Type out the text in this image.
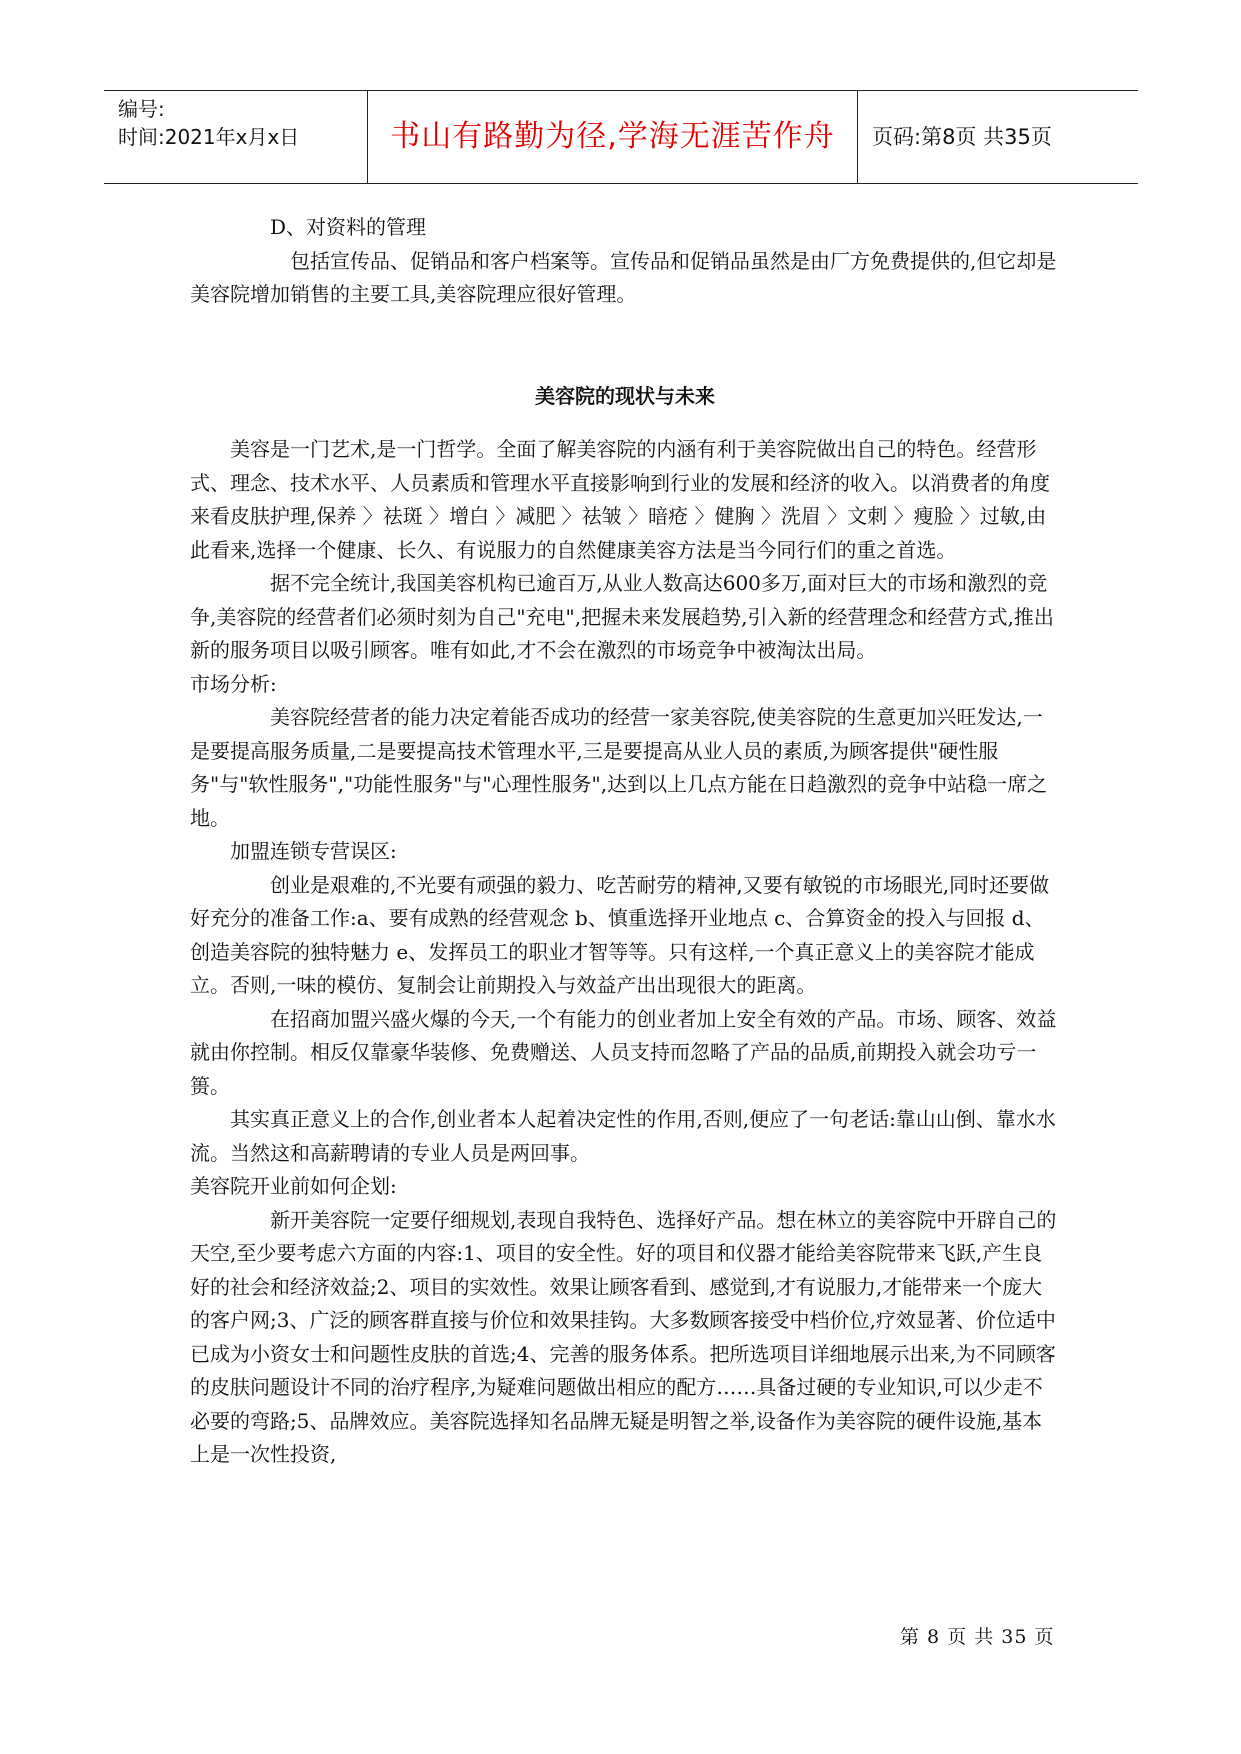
编号:
时间:2021年x月x日	书山有路勤为径,学海无涯苦作舟	页码:第8页 共35页

D、对资料的管理

包括宣传品、促销品和客户档案等。宣传品和促销品虽然是由厂方免费提供的,但它却是美容院增加销售的主要工具,美容院理应很好管理。

美容院的现状与未来

美容是一门艺术,是一门哲学。全面了解美容院的内涵有利于美容院做出自己的特色。经营形式、理念、技术水平、人员素质和管理水平直接影响到行业的发展和经济的收入。以消费者的角度来看皮肤护理,保养 〉祛斑 〉增白 〉减肥 〉祛皱 〉暗疮 〉健胸 〉洗眉 〉文刺 〉瘦脸 〉过敏,由此看来,选择一个健康、长久、有说服力的自然健康美容方法是当今同行们的重之首选。

据不完全统计,我国美容机构已逾百万,从业人数高达600多万,面对巨大的市场和激烈的竞争,美容院的经营者们必须时刻为自己"充电",把握未来发展趋势,引入新的经营理念和经营方式,推出新的服务项目以吸引顾客。唯有如此,才不会在激烈的市场竞争中被淘汰出局。

市场分析:

美容院经营者的能力决定着能否成功的经营一家美容院,使美容院的生意更加兴旺发达,一是要提高服务质量,二是要提高技术管理水平,三是要提高从业人员的素质,为顾客提供"硬性服务"与"软性服务","功能性服务"与"心理性服务",达到以上几点方能在日趋激烈的竞争中站稳一席之地。

加盟连锁专营误区:

创业是艰难的,不光要有顽强的毅力、吃苦耐劳的精神,又要有敏锐的市场眼光,同时还要做好充分的准备工作:a、要有成熟的经营观念 b、慎重选择开业地点 c、合算资金的投入与回报 d、创造美容院的独特魅力 e、发挥员工的职业才智等等。只有这样,一个真正意义上的美容院才能成立。否则,一味的模仿、复制会让前期投入与效益产出出现很大的距离。

在招商加盟兴盛火爆的今天,一个有能力的创业者加上安全有效的产品。市场、顾客、效益就由你控制。相反仅靠豪华装修、免费赠送、人员支持而忽略了产品的品质,前期投入就会功亏一篑。

其实真正意义上的合作,创业者本人起着决定性的作用,否则,便应了一句老话:靠山山倒、靠水水流。当然这和高薪聘请的专业人员是两回事。

美容院开业前如何企划:

新开美容院一定要仔细规划,表现自我特色、选择好产品。想在林立的美容院中开辟自己的天空,至少要考虑六方面的内容:1、项目的安全性。好的项目和仪器才能给美容院带来飞跃,产生良好的社会和经济效益;2、项目的实效性。效果让顾客看到、感觉到,才有说服力,才能带来一个庞大的客户网;3、广泛的顾客群直接与价位和效果挂钩。大多数顾客接受中档价位,疗效显著、价位适中已成为小资女士和问题性皮肤的首选;4、完善的服务体系。把所选项目详细地展示出来,为不同顾客的皮肤问题设计不同的治疗程序,为疑难问题做出相应的配方……具备过硬的专业知识,可以少走不必要的弯路;5、品牌效应。美容院选择知名品牌无疑是明智之举,设备作为美容院的硬件设施,基本上是一次性投资,

第 8 页 共 35 页
